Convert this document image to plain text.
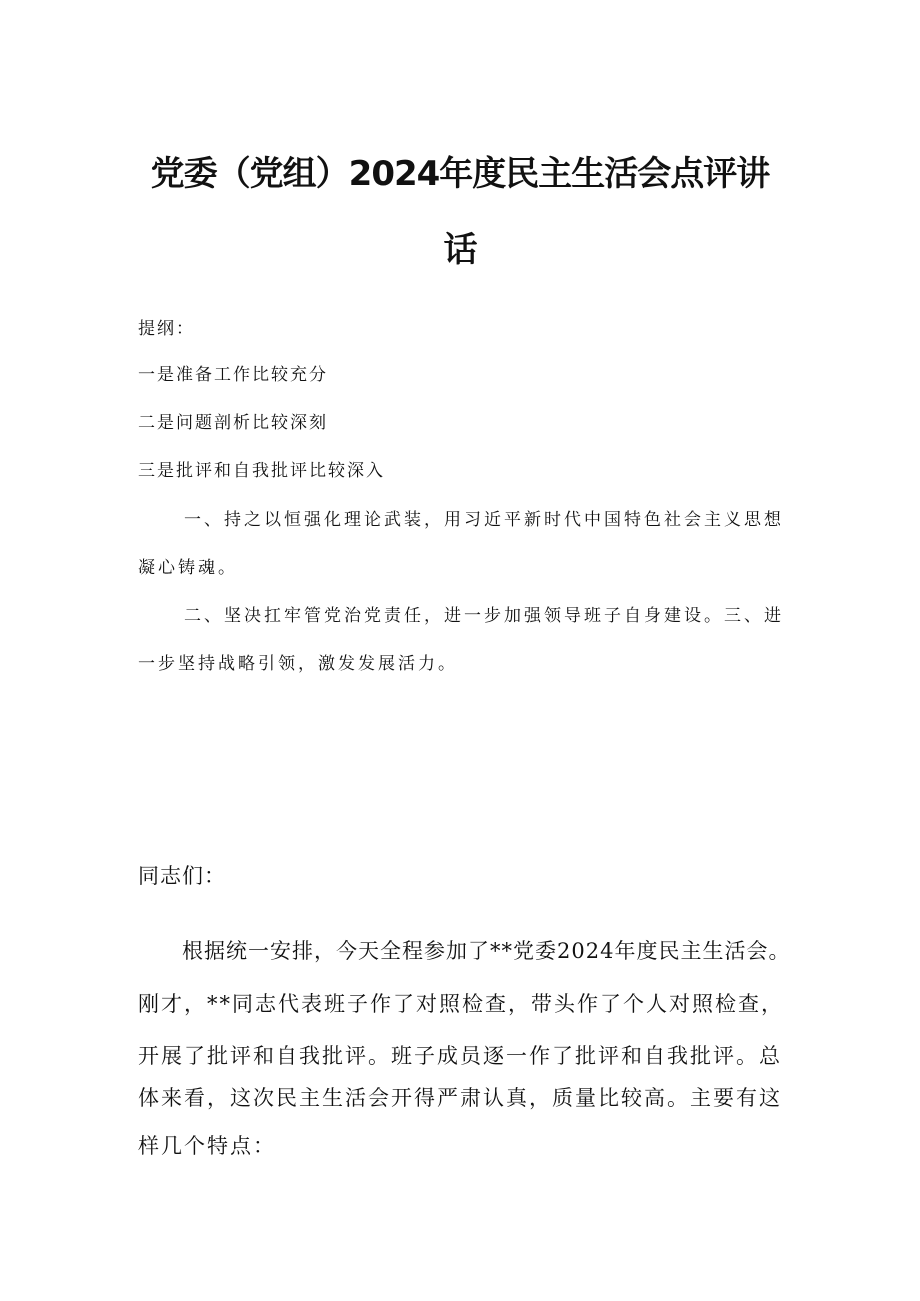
党委（党组）2024年度民主生活会点评讲
话

提纲：

一是准备工作比较充分

二是问题剖析比较深刻

三是批评和自我批评比较深入

一、持之以恒强化理论武装，用习近平新时代中国特色社会主义思想

凝心铸魂。

二、坚决扛牢管党治党责任，进一步加强领导班子自身建设。三、进

一步坚持战略引领，激发发展活力。

同志们：

根据统一安排，今天全程参加了**党委2024年度民主生活会。

刚才，**同志代表班子作了对照检查，带头作了个人对照检查，

开展了批评和自我批评。班子成员逐一作了批评和自我批评。总

体来看，这次民主生活会开得严肃认真，质量比较高。主要有这

样几个特点：
